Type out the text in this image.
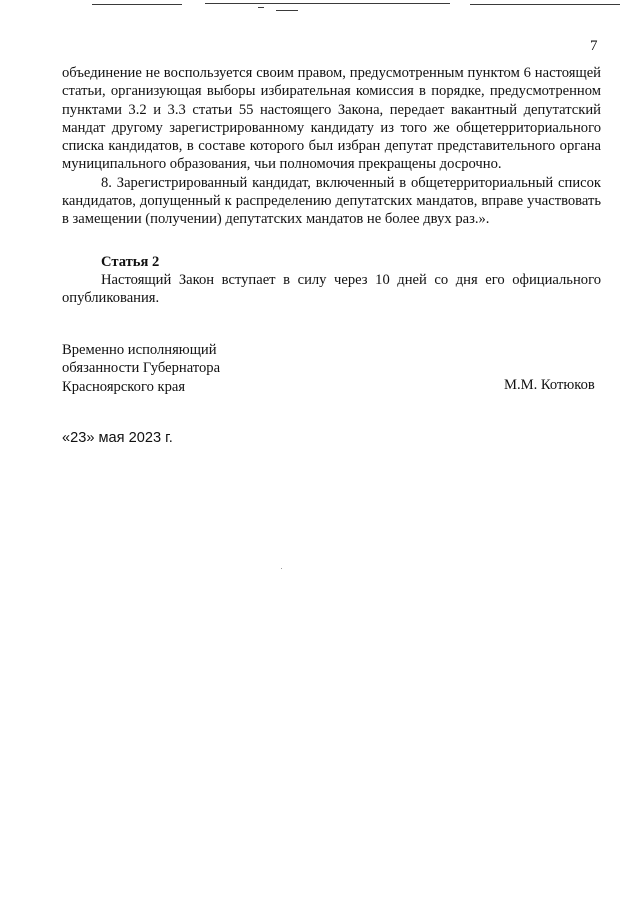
7

объединение не воспользуется своим правом, предусмотренным пунктом 6 настоящей статьи, организующая выборы избирательная комиссия в порядке, предусмотренном пунктами 3.2 и 3.3 статьи 55 настоящего Закона, передает вакантный депутатский мандат другому зарегистрированному кандидату из того же общетерриториального списка кандидатов, в составе которого был избран депутат представительного органа муниципального образования, чьи полномочия прекращены досрочно.

8. Зарегистрированный кандидат, включенный в общетерриториальный список кандидатов, допущенный к распределению депутатских мандатов, вправе участвовать в замещении (получении) депутатских мандатов не более двух раз.».

Статья 2

Настоящий Закон вступает в силу через 10 дней со дня его официального опубликования.

Временно исполняющий
обязанности Губернатора
Красноярского края	М.М. Котюков
«23» мая 2023 г.
